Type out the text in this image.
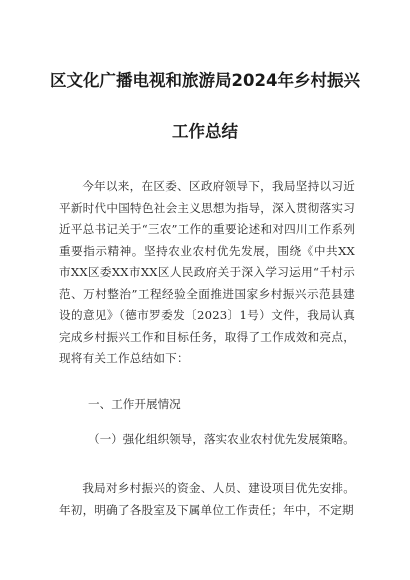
区文化广播电视和旅游局2024年乡村振兴
工作总结
今年以来，在区委、区政府领导下，我局坚持以习近平新时代中国特色社会主义思想为指导，深入贯彻落实习近平总书记关于“三农”工作的重要论述和对四川工作系列重要指示精神。坚持农业农村优先发展，围绕《中共XX市XX区委XX市XX区人民政府关于深入学习运用“千村示范、万村整治”工程经验全面推进国家乡村振兴示范县建设的意见》（德市罗委发〔2023〕1号）文件，我局认真完成乡村振兴工作和目标任务，取得了工作成效和亮点，现将有关工作总结如下：
一、工作开展情况
（一）强化组织领导，落实农业农村优先发展策略。
我局对乡村振兴的资金、人员、建设项目优先安排。年初，明确了各股室及下属单位工作责任；年中，不定期
